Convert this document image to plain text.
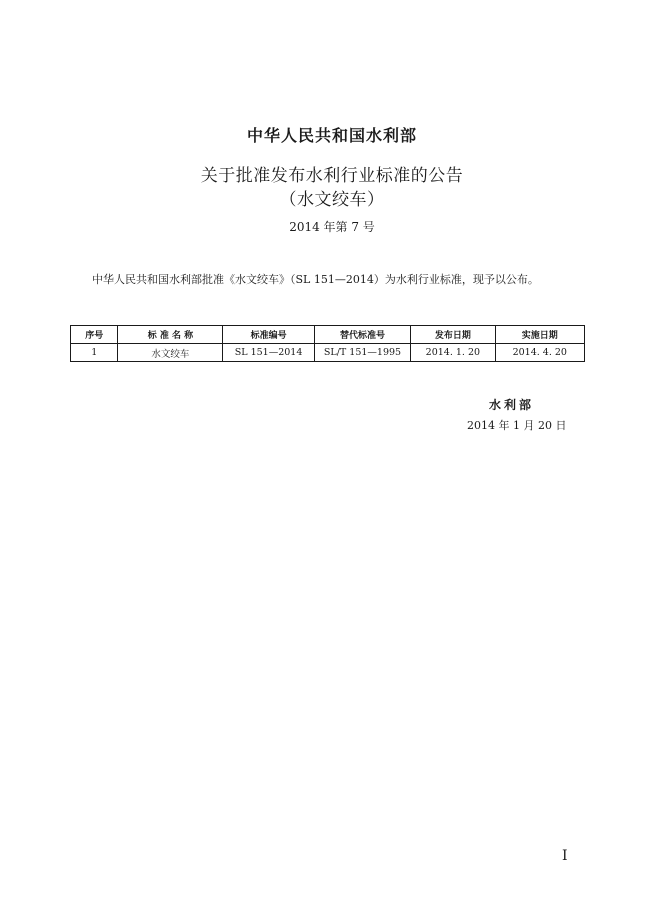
中华人民共和国水利部
关于批准发布水利行业标准的公告
（水文绞车）
2014 年第 7 号
中华人民共和国水利部批准《水文绞车》（SL 151—2014）为水利行业标准，现予以公布。
序号	标 准 名 称	标准编号	替代标准号	发布日期	实施日期
1	水文绞车	SL 151—2014	SL/T 151—1995	2014. 1. 20	2014. 4. 20
水利部
2014 年 1 月 20 日
I
